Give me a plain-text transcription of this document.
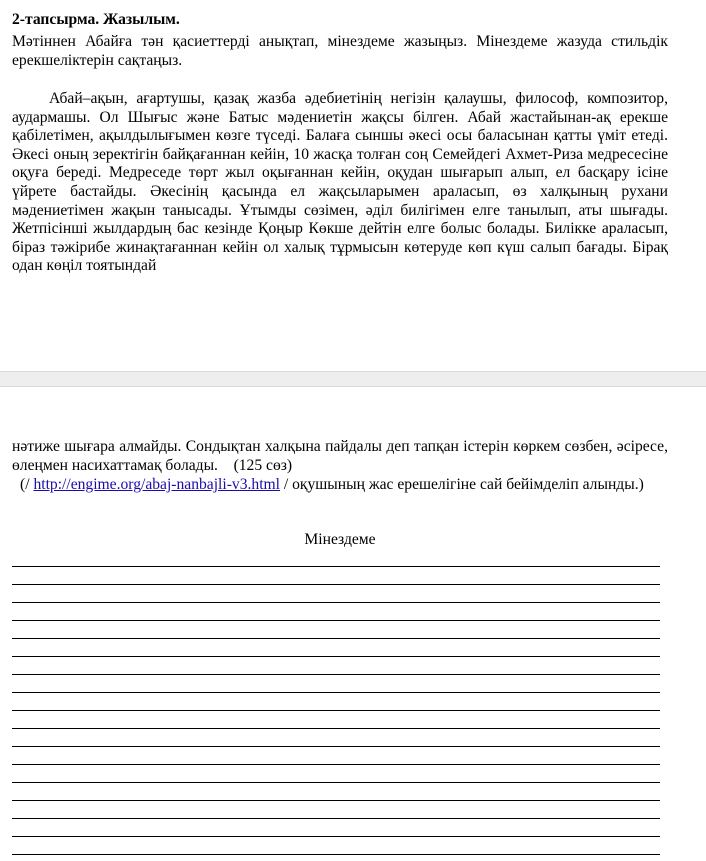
2-тапсырма. Жазылым.
Мәтіннен Абайға тән қасиеттерді анықтап, мінездеме жазыңыз. Мінездеме жазуда стильдік ерекшеліктерін сақтаңыз.
Абай–ақын, ағартушы, қазақ жазба әдебиетінің негізін қалаушы, философ, композитор, аудармашы. Ол Шығыс және Батыс мәдениетін жақсы білген. Абай жастайынан-ақ ерекше қабілетімен, ақылдылығымен көзге түседі. Балаға сыншы әкесі осы баласынан қатты үміт етеді. Әкесі оның зеректігін байқағаннан кейін, 10 жасқа толған соң Семейдегі Ахмет-Риза медресесіне оқуға береді. Медреседе төрт жыл оқығаннан кейін, оқудан шығарып алып, ел басқару ісіне үйрете бастайды. Әкесінің қасында ел жақсыларымен араласып, өз халқының рухани мәдениетімен жақын танысады. Ұтымды сөзімен, әділ билігімен елге танылып, аты шығады. Жетпісінші жылдардың бас кезінде Қоңыр Көкше дейтін елге болыс болады. Билікке араласып, біраз тәжірибе жинақтағаннан кейін ол халық тұрмысын көтеруде көп күш салып бағады. Бірақ одан көңіл тоятындай
нәтиже шығара алмайды. Сондықтан халқына пайдалы деп тапқан істерін көркем сөзбен, әсіресе, өлеңмен насихаттамақ болады. (125 сөз)
(/ http://engime.org/abaj-nanbajli-v3.html / оқушының жас ерешелігіне сай бейімделіп алынды.)
Мінездеме
